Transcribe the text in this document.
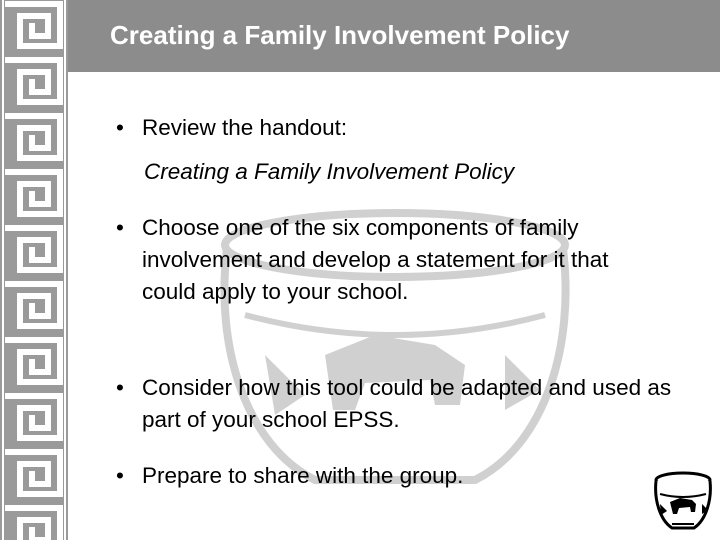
Creating a Family Involvement Policy
• Review the handout:
Creating a Family Involvement Policy
• Choose one of the six components of family involvement and develop a statement for it that could apply to your school.
• Consider how this tool could be adapted and used as part of your school EPSS.
• Prepare to share with the group.
